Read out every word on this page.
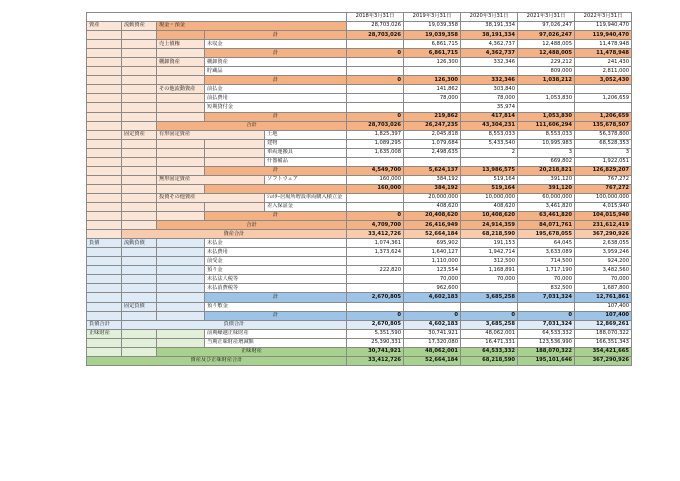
					2018年3月31日	2019年3月31日	2020年3月31日	2021年3月31日	2022年3月31日
資産	流動資産	現金・預金			28,703,026	19,039,358	38,191,334	97,026,247	119,940,470
			計		28,703,026	19,039,358	38,191,334	97,026,247	119,940,470
		売上債権	未収金			6,861,715	4,362,737	12,488,005	11,478,948
			計		0	6,861,715	4,362,737	12,488,005	11,478,948
		棚卸資産	棚卸資産			126,300	332,346	229,212	241,430
			貯蔵品					809,000	2,811,000
			計		0	126,300	332,346	1,038,212	3,052,430
		その他流動資産	前払金			141,862	303,840		
			前払費用			78,000	78,000	1,053,830	1,206,659
			短期貸付金				35,974		
			計		0	219,862	417,814	1,053,830	1,206,659
		合計			28,703,026	26,247,235	43,304,231	111,606,294	135,678,507
	固定資産	有形固定資産		土地	1,825,397	2,045,818	8,553,033	8,553,033	56,378,800
				建物	1,089,295	1,079,684	5,433,540	10,995,983	68,528,353
				車両運搬具	1,635,008	2,498,635	2	3	3
				什器備品				669,802	1,922,051
			計		4,549,700	5,624,137	13,986,575	20,218,821	126,829,207
		無形固定資産		ソフトウェア	160,000	384,192	519,164	391,120	767,272
					160,000	384,192	519,164	391,120	767,272
		投資その他資産		ｼｪﾙﾀｰ居場所増設車両購入積立金		20,000,000	10,000,000	60,000,000	100,000,000
				差入保証金		408,620	408,620	3,461,820	4,015,940
			計		0	20,408,620	10,408,620	63,461,820	104,015,940
		合計			4,709,700	26,416,949	24,914,359	84,071,761	231,612,419
	資産合計				33,412,726	52,664,184	68,218,590	195,678,055	367,290,926
負債	流動負債		未払金		1,074,361	695,902	191,153	64,045	2,638,055
			未払費用		1,373,624	1,640,127	1,942,714	3,633,089	3,959,246
			前受金			1,110,000	312,500	714,500	924,200
			預り金		222,820	123,554	1,168,891	1,717,190	3,482,560
			未払法人税等			70,000	70,000	70,000	70,000
			未払消費税等			962,600		832,500	1,687,800
			計		2,670,805	4,602,183	3,685,258	7,031,324	12,761,861
	固定負債		預り敷金						107,400
			計		0	0	0	0	107,400
負債合計	負債合計				2,670,805	4,602,183	3,685,258	7,031,324	12,869,261
正味財産			前期繰越正味財産		5,351,590	30,741,921	48,062,001	64,533,332	188,070,322
			当期正味財産増減額		25,390,331	17,320,080	16,471,331	123,536,990	166,351,343
		正味財産			30,741,921	48,062,001	64,533,332	188,070,322	354,421,665
資産及び正味財産合計					33,412,726	52,664,184	68,218,590	195,101,646	367,290,926
